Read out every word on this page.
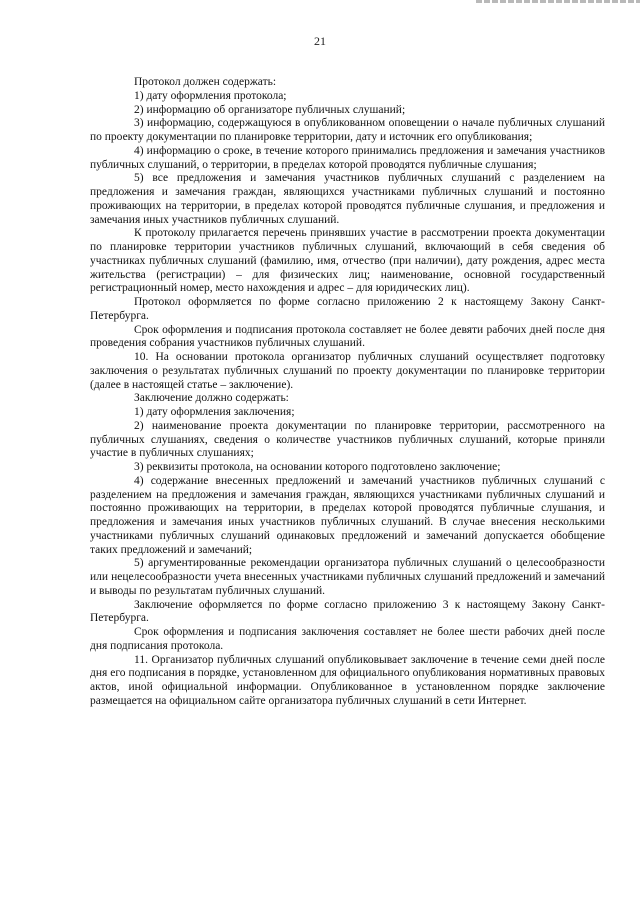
21

Протокол должен содержать:

1) дату оформления протокола;

2) информацию об организаторе публичных слушаний;

3) информацию, содержащуюся в опубликованном оповещении о начале публичных слушаний по проекту документации по планировке территории, дату и источник его опубликования;

4) информацию о сроке, в течение которого принимались предложения и замечания участников публичных слушаний, о территории, в пределах которой проводятся публичные слушания;

5) все предложения и замечания участников публичных слушаний с разделением на предложения и замечания граждан, являющихся участниками публичных слушаний и постоянно проживающих на территории, в пределах которой проводятся публичные слушания, и предложения и замечания иных участников публичных слушаний.

К протоколу прилагается перечень принявших участие в рассмотрении проекта документации по планировке территории участников публичных слушаний, включающий в себя сведения об участниках публичных слушаний (фамилию, имя, отчество (при наличии), дату рождения, адрес места жительства (регистрации) – для физических лиц; наименование, основной государственный регистрационный номер, место нахождения и адрес – для юридических лиц).

Протокол оформляется по форме согласно приложению 2 к настоящему Закону Санкт-Петербурга.

Срок оформления и подписания протокола составляет не более девяти рабочих дней после дня проведения собрания участников публичных слушаний.

10. На основании протокола организатор публичных слушаний осуществляет подготовку заключения о результатах публичных слушаний по проекту документации по планировке территории (далее в настоящей статье – заключение).

Заключение должно содержать:

1) дату оформления заключения;

2) наименование проекта документации по планировке территории, рассмотренного на публичных слушаниях, сведения о количестве участников публичных слушаний, которые приняли участие в публичных слушаниях;

3) реквизиты протокола, на основании которого подготовлено заключение;

4) содержание внесенных предложений и замечаний участников публичных слушаний с разделением на предложения и замечания граждан, являющихся участниками публичных слушаний и постоянно проживающих на территории, в пределах которой проводятся публичные слушания, и предложения и замечания иных участников публичных слушаний. В случае внесения несколькими участниками публичных слушаний одинаковых предложений и замечаний допускается обобщение таких предложений и замечаний;

5) аргументированные рекомендации организатора публичных слушаний о целесообразности или нецелесообразности учета внесенных участниками публичных слушаний предложений и замечаний и выводы по результатам публичных слушаний.

Заключение оформляется по форме согласно приложению 3 к настоящему Закону Санкт-Петербурга.

Срок оформления и подписания заключения составляет не более шести рабочих дней после дня подписания протокола.

11. Организатор публичных слушаний опубликовывает заключение в течение семи дней после дня его подписания в порядке, установленном для официального опубликования нормативных правовых актов, иной официальной информации. Опубликованное в установленном порядке заключение размещается на официальном сайте организатора публичных слушаний в сети Интернет.
